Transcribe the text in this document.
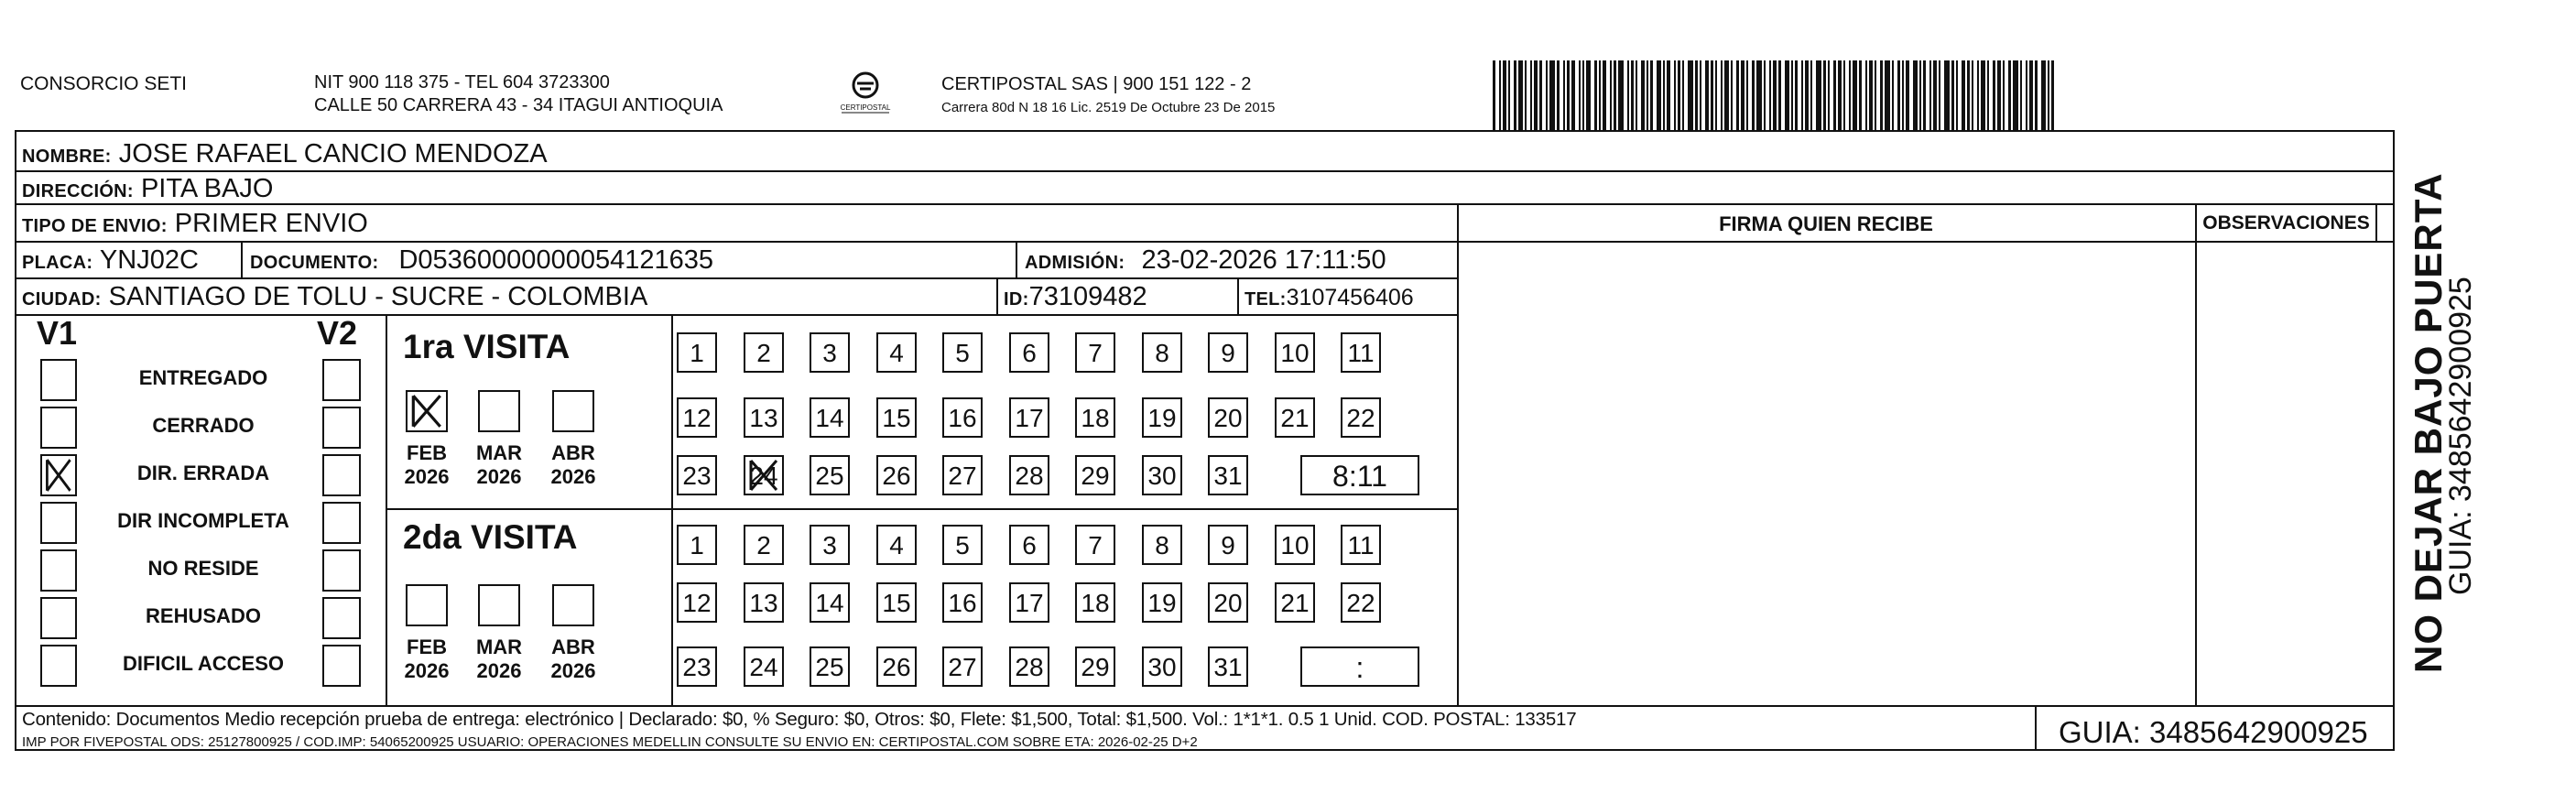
CONSORCIO SETI	NIT 900 118 375 - TEL 604 3723300
CALLE 50 CARRERA 43 - 34 ITAGUI ANTIOQUIA	CERTIPOSTAL
CERTIPOSTAL SAS | 900 151 122 - 2
Carrera 80d N 18 16 Lic. 2519 De Octubre 23 De 2015
NOMBRE: JOSE RAFAEL CANCIO MENDOZA
DIRECCIÓN: PITA BAJO
TIPO DE ENVIO: PRIMER ENVIO
PLACA: YNJ02C	DOCUMENTO: D05360000000054121635	ADMISIÓN: 23-02-2026 17:11:50
CIUDAD: SANTIAGO DE TOLU - SUCRE - COLOMBIA	ID:73109482	TEL:3107456406
FIRMA QUIEN RECIBE	OBSERVACIONES
V1	V2
ENTREGADO
CERRADO
DIR. ERRADA
DIR INCOMPLETA
NO RESIDE
REHUSADO
DIFICIL ACCESO
1ra VISITA
FEB
2026
MAR
2026
ABR
2026
1	2	3	4	5	6	7	8	9	10 11
12 13 14 15 16 17 18 19 20 21 22
23 24 25 26 27 28 29 30 31	8:11
2da VISITA
FEB
2026
MAR
2026
ABR
2026
1	2	3	4	5	6	7	8	9	10 11
12 13 14 15 16 17 18 19 20 21 22
23 24 25 26 27 28 29 30 31	:
Contenido: Documentos Medio recepción prueba de entrega: electrónico | Declarado: $0, % Seguro: $0, Otros: $0, Flete: $1,500, Total: $1,500. Vol.: 1*1*1. 0.5 1 Unid. COD. POSTAL: 133517
IMP POR FIVEPOSTAL ODS: 25127800925 / COD.IMP: 54065200925 USUARIO: OPERACIONES MEDELLIN CONSULTE SU ENVIO EN: CERTIPOSTAL.COM SOBRE ETA: 2026-02-25 D+2	GUIA: 3485642900925
NO DEJAR BAJO PUERTA
GUIA: 3485642900925
